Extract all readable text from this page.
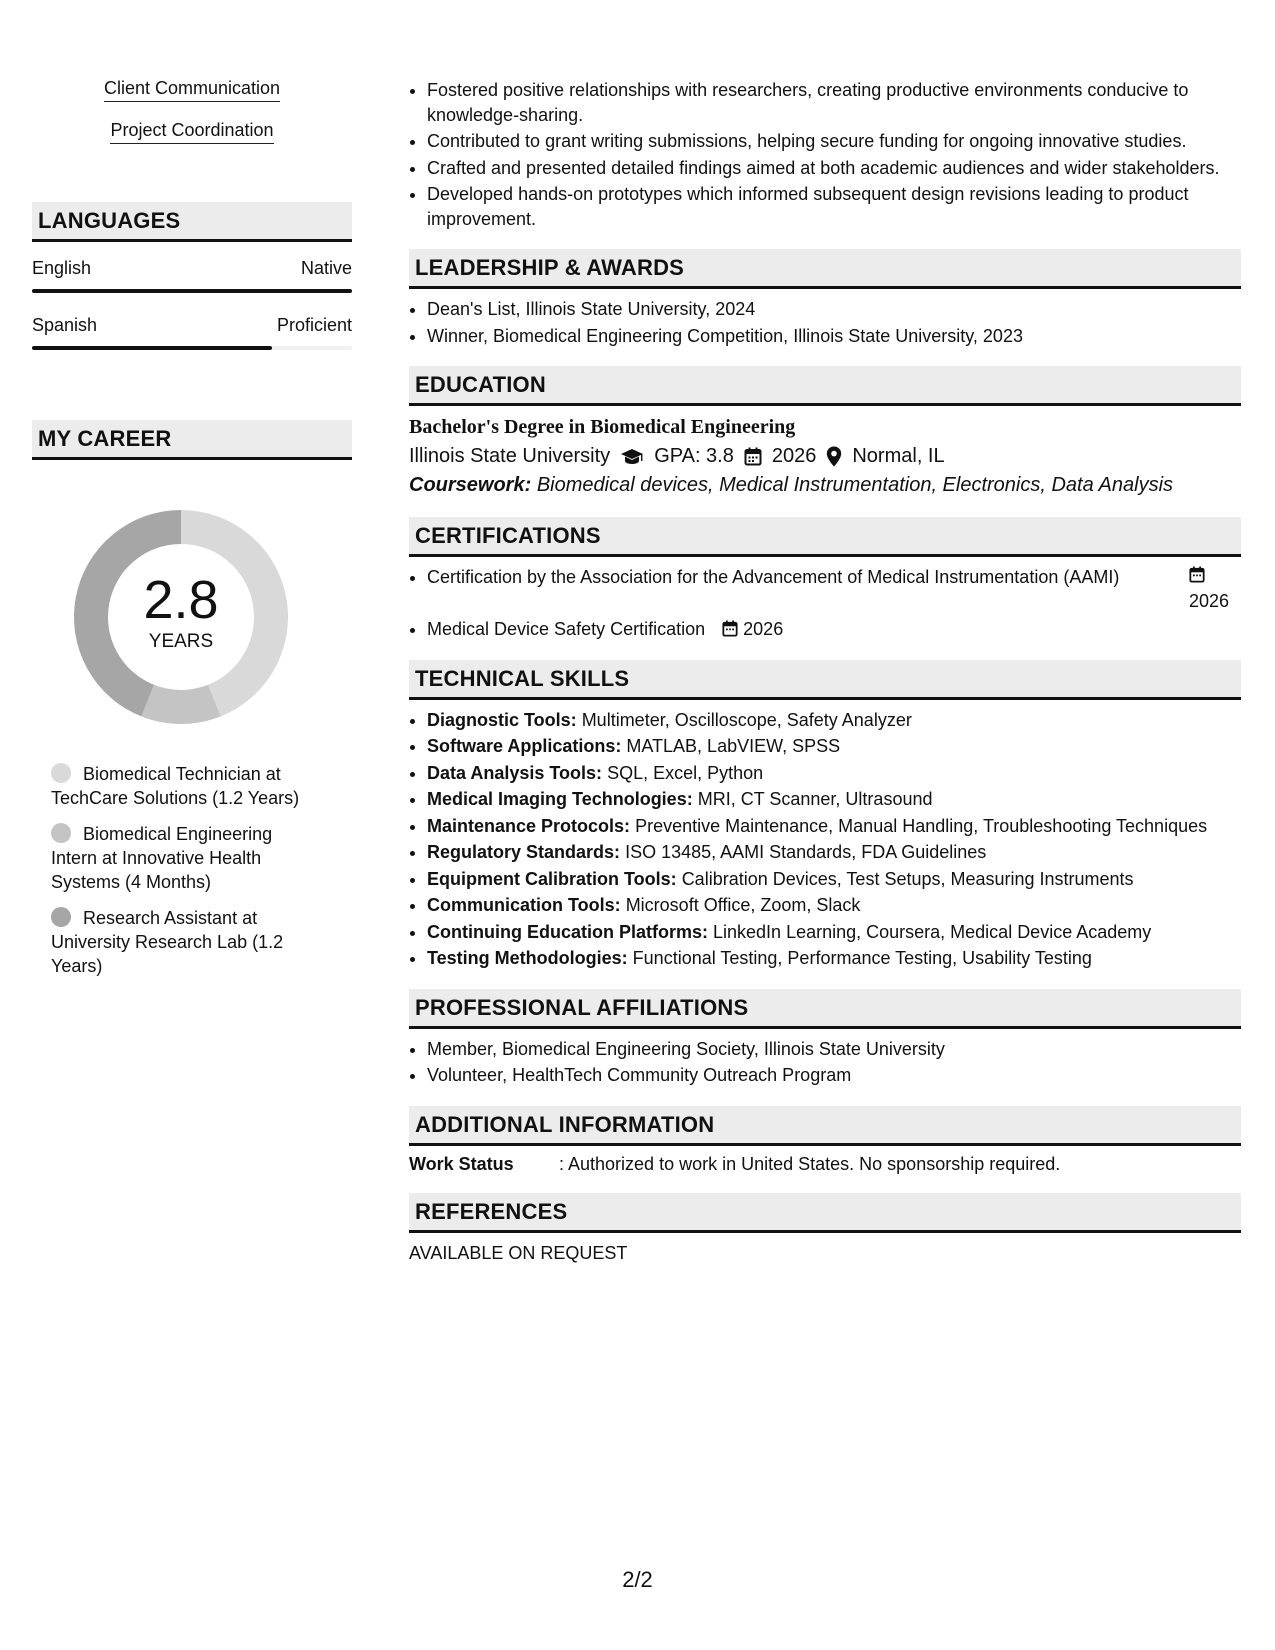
Client Communication
Project Coordination
LANGUAGES
English	Native
Spanish	Proficient
MY CAREER
2.8
YEARS
Biomedical Technician at TechCare Solutions (1.2 Years)
Biomedical Engineering Intern at Innovative Health Systems (4 Months)
Research Assistant at University Research Lab (1.2 Years)
• Fostered positive relationships with researchers, creating productive environments conducive to knowledge-sharing.
• Contributed to grant writing submissions, helping secure funding for ongoing innovative studies.
• Crafted and presented detailed findings aimed at both academic audiences and wider stakeholders.
• Developed hands-on prototypes which informed subsequent design revisions leading to product improvement.
LEADERSHIP & AWARDS
• Dean's List, Illinois State University, 2024
• Winner, Biomedical Engineering Competition, Illinois State University, 2023
EDUCATION
Bachelor's Degree in Biomedical Engineering
Illinois State University GPA: 3.8 2026 Normal, IL
Coursework: Biomedical devices, Medical Instrumentation, Electronics, Data Analysis
CERTIFICATIONS
• Certification by the Association for the Advancement of Medical Instrumentation (AAMI)

2026
• Medical Device Safety Certification 2026
TECHNICAL SKILLS
• Diagnostic Tools: Multimeter, Oscilloscope, Safety Analyzer
• Software Applications: MATLAB, LabVIEW, SPSS
• Data Analysis Tools: SQL, Excel, Python
• Medical Imaging Technologies: MRI, CT Scanner, Ultrasound
• Maintenance Protocols: Preventive Maintenance, Manual Handling, Troubleshooting Techniques
• Regulatory Standards: ISO 13485, AAMI Standards, FDA Guidelines
• Equipment Calibration Tools: Calibration Devices, Test Setups, Measuring Instruments
• Communication Tools: Microsoft Office, Zoom, Slack
• Continuing Education Platforms: LinkedIn Learning, Coursera, Medical Device Academy
• Testing Methodologies: Functional Testing, Performance Testing, Usability Testing
PROFESSIONAL AFFILIATIONS
• Member, Biomedical Engineering Society, Illinois State University
• Volunteer, HealthTech Community Outreach Program
ADDITIONAL INFORMATION
Work Status	: Authorized to work in United States. No sponsorship required.
REFERENCES
AVAILABLE ON REQUEST
2/2
